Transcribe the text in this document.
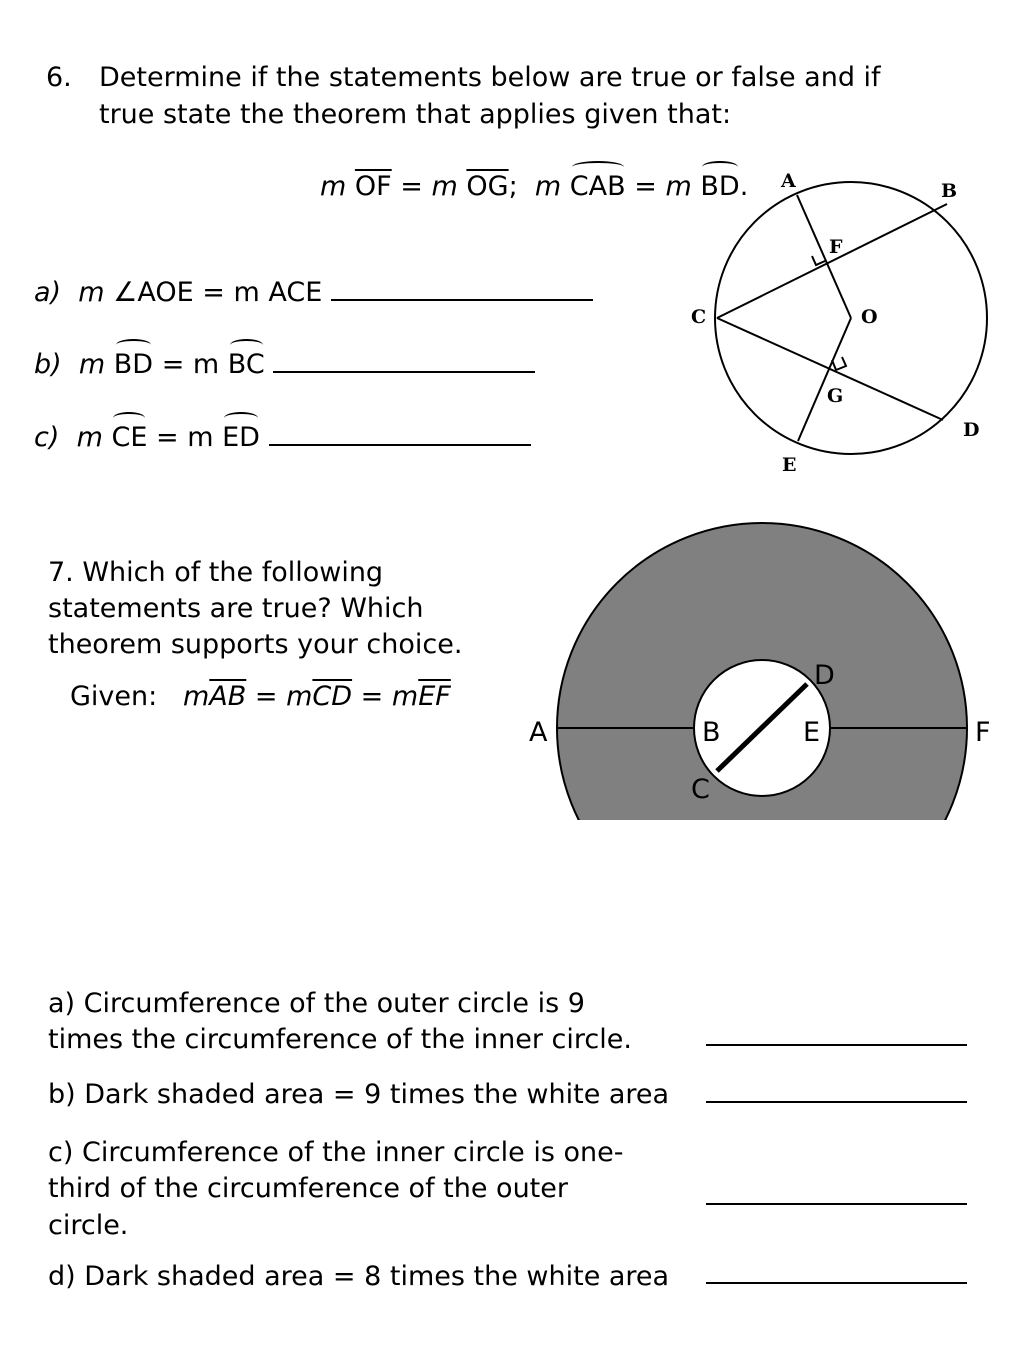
6. Determine if the statements below are true or false and if
true state the theorem that applies given that:
m $\overline{OF} = m$ $\overline{OG}$; m CAB = m BD.
a) m ∠AOE = m ACE
b) m BD = m BC
c) m CE = m ED
A	B
C
D
E
F
G
O
7. Which of the following
statements are true? Which
theorem supports your choice.
Given: $m\overline{AB} = m\overline{CD} = m\overline{EF}$
A	B
C
D
E	F
a) Circumference of the outer circle is 9
times the circumference of the inner circle.
b) Dark shaded area = 9 times the white area
c) Circumference of the inner circle is one-
third of the circumference of the outer
circle.
d) Dark shaded area = 8 times the white area
